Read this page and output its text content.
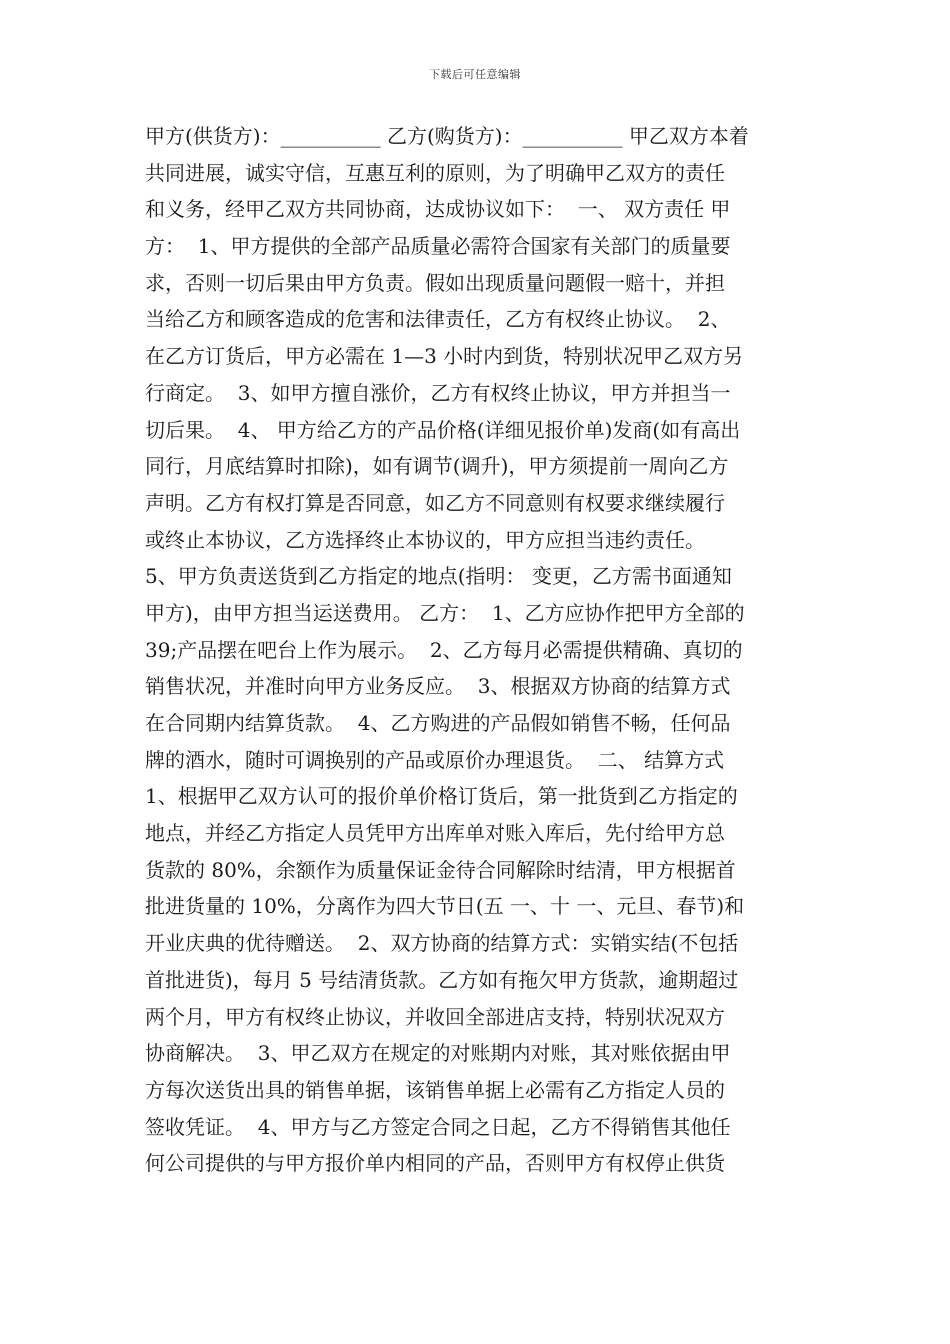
下载后可任意编辑
甲方(供货方)：__________ 乙方(购货方)：__________ 甲乙双方本着
共同进展，诚实守信，互惠互利的原则，为了明确甲乙双方的责任
和义务，经甲乙双方共同协商，达成协议如下：  一、 双方责任 甲
方：  1、甲方提供的全部产品质量必需符合国家有关部门的质量要
求，否则一切后果由甲方负责。假如出现质量问题假一赔十，并担
当给乙方和顾客造成的危害和法律责任，乙方有权终止协议。  2、
在乙方订货后，甲方必需在 1—3 小时内到货，特别状况甲乙双方另
行商定。  3、如甲方擅自涨价，乙方有权终止协议，甲方并担当一
切后果。  4、 甲方给乙方的产品价格(详细见报价单)发商(如有高出
同行，月底结算时扣除)，如有调节(调升)，甲方须提前一周向乙方
声明。乙方有权打算是否同意，如乙方不同意则有权要求继续履行
或终止本协议，乙方选择终止本协议的，甲方应担当违约责任。
5、甲方负责送货到乙方指定的地点(指明： 变更，乙方需书面通知
甲方)，由甲方担当运送费用。 乙方：  1、乙方应协作把甲方全部的
39;产品摆在吧台上作为展示。  2、乙方每月必需提供精确、真切的
销售状况，并准时向甲方业务反应。  3、根据双方协商的结算方式
在合同期内结算货款。  4、乙方购进的产品假如销售不畅，任何品
牌的酒水，随时可调换别的产品或原价办理退货。  二、 结算方式
1、根据甲乙双方认可的报价单价格订货后，第一批货到乙方指定的
地点，并经乙方指定人员凭甲方出库单对账入库后，先付给甲方总
货款的 80%，余额作为质量保证金待合同解除时结清，甲方根据首
批进货量的 10%，分离作为四大节日(五 一、十 一、元旦、春节)和
开业庆典的优待赠送。  2、双方协商的结算方式：实销实结(不包括
首批进货)，每月 5 号结清货款。乙方如有拖欠甲方货款，逾期超过
两个月，甲方有权终止协议，并收回全部进店支持，特别状况双方
协商解决。  3、甲乙双方在规定的对账期内对账，其对账依据由甲
方每次送货出具的销售单据，该销售单据上必需有乙方指定人员的
签收凭证。  4、甲方与乙方签定合同之日起，乙方不得销售其他任
何公司提供的与甲方报价单内相同的产品，否则甲方有权停止供货
